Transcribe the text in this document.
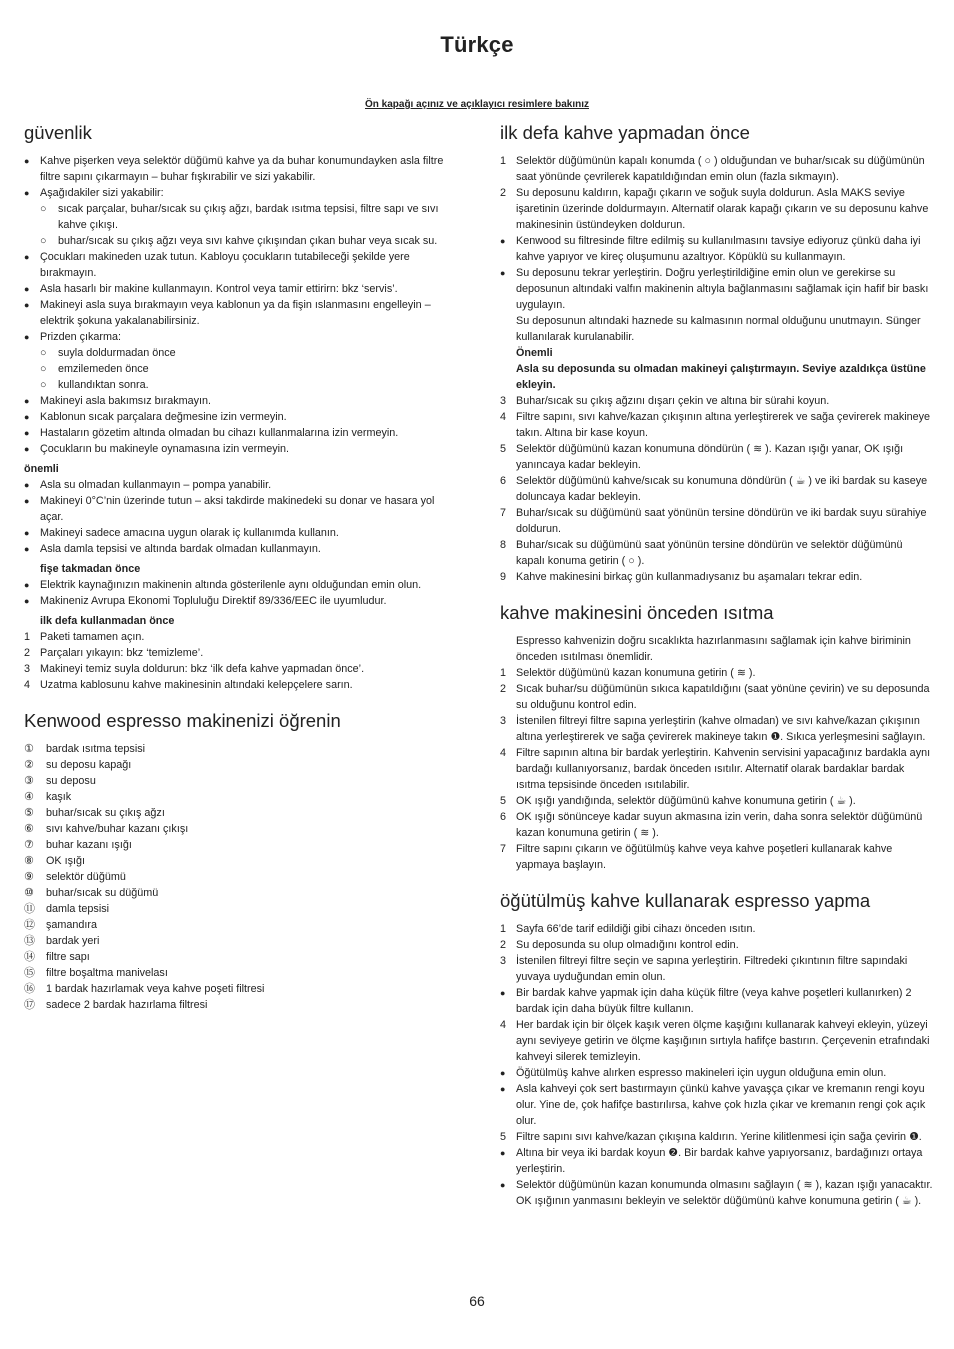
Türkçe

Ön kapağı açınız ve açıklayıcı resimlere bakınız

güvenlik
● Kahve pişerken veya selektör düğümü kahve ya da buhar konumundayken asla filtre filtre sapını çıkarmayın – buhar fışkırabilir ve sizi yakabilir.
● Aşağıdakiler sizi yakabilir:
○	sıcak parçalar, buhar/sıcak su çıkış ağzı, bardak ısıtma tepsisi, filtre sapı ve sıvı kahve çıkışı.
○	buhar/sıcak su çıkış ağzı veya sıvı kahve çıkışından çıkan buhar veya sıcak su.
● Çocukları makineden uzak tutun. Kabloyu çocukların tutabileceği şekilde yere bırakmayın.
● Asla hasarlı bir makine kullanmayın. Kontrol veya tamir ettirirn: bkz ‘servis’.
● Makineyi asla suya bırakmayın veya kablonun ya da fişin ıslanmasını engelleyin – elektrik şokuna yakalanabilirsiniz.
● Prizden çıkarma:
○	suyla doldurmadan önce
○	emzilemeden önce
○	kullandıktan sonra.
● Makineyi asla bakımsız bırakmayın.
● Kablonun sıcak parçalara değmesine izin vermeyin.
● Hastaların gözetim altında olmadan bu cihazı kullanmalarına izin vermeyin.
● Çocukların bu makineyle oynamasına izin vermeyin.
önemli
● Asla su olmadan kullanmayın – pompa yanabilir.
● Makineyi 0°C’nin üzerinde tutun – aksi takdirde makinedeki su donar ve hasara yol açar.
● Makineyi sadece amacına uygun olarak iç kullanımda kullanın.
● Asla damla tepsisi ve altında bardak olmadan kullanmayın.
fişe takmadan önce
● Elektrik kaynağınızın makinenin altında gösterilenle aynı olduğundan emin olun.
● Makineniz Avrupa Ekonomi Topluluğu Direktif 89/336/EEC ile uyumludur.
ilk defa kullanmadan önce
1 Paketi tamamen açın.
2 Parçaları yıkayın: bkz ‘temizleme’.
3 Makineyi temiz suyla doldurun: bkz ‘ilk defa kahve yapmadan önce’.
4 Uzatma kablosunu kahve makinesinin altındaki kelepçelere sarın.
Kenwood espresso makinenizi öğrenin
①	bardak ısıtma tepsisi
②	su deposu kapağı
③	su deposu
④	kaşık
⑤	buhar/sıcak su çıkış ağzı
⑥	sıvı kahve/buhar kazanı çıkışı
⑦	buhar kazanı ışığı
⑧	OK ışığı
⑨	selektör düğümü
⑩	buhar/sıcak su düğümü
⑪	damla tepsisi
⑫	şamandıra
⑬	bardak yeri
⑭	filtre sapı
⑮	filtre boşaltma manivelası
⑯	1 bardak hazırlamak veya kahve poşeti filtresi
⑰	sadece 2 bardak hazırlama filtresi
ilk defa kahve yapmadan önce
1 Selektör düğümünün kapalı konumda ( ○ ) olduğundan ve buhar/sıcak su düğümünün saat yönünde çevrilerek kapatıldığından emin olun (fazla sıkmayın).
2 Su deposunu kaldırın, kapağı çıkarın ve soğuk suyla doldurun. Asla MAKS seviye işaretinin üzerinde doldurmayın. Alternatif olarak kapağı çıkarın ve su deposunu kahve makinesinin üstündeyken doldurun.
● Kenwood su filtresinde filtre edilmiş su kullanılmasını tavsiye ediyoruz çünkü daha iyi kahve yapıyor ve kireç oluşumunu azaltıyor. Köpüklü su kullanmayın.
● Su deposunu tekrar yerleştirin. Doğru yerleştirildiğine emin olun ve gerekirse su deposunun altındaki valfın makinenin altıyla bağlanmasını sağlamak için hafif bir baskı uygulayın.
Su deposunun altındaki haznede su kalmasının normal olduğunu unutmayın. Sünger kullanılarak kurulanabilir.
Önemli
Asla su deposunda su olmadan makineyi çalıştırmayın. Seviye azaldıkça üstüne ekleyin.
3 Buhar/sıcak su çıkış ağzını dışarı çekin ve altına bir sürahi koyun.
4 Filtre sapını, sıvı kahve/kazan çıkışının altına yerleştirerek ve sağa çevirerek makineye takın. Altına bir kase koyun.
5 Selektör düğümünü kazan konumuna döndürün ( ≋ ). Kazan ışığı yanar, OK ışığı yanıncaya kadar bekleyin.
6 Selektör düğümünü kahve/sıcak su konumuna döndürün ( ☕ ) ve iki bardak su kaseye doluncaya kadar bekleyin.
7 Buhar/sıcak su düğümünü saat yönünün tersine döndürün ve iki bardak suyu sürahiye doldurun.
8 Buhar/sıcak su düğümünü saat yönünün tersine döndürün ve selektör düğümünü kapalı konuma getirin ( ○ ).
9 Kahve makinesini birkaç gün kullanmadıysanız bu aşamaları tekrar edin.
kahve makinesini önceden ısıtma
Espresso kahvenizin doğru sıcaklıkta hazırlanmasını sağlamak için kahve biriminin önceden ısıtılması önemlidir.
1 Selektör düğümünü kazan konumuna getirin ( ≋ ).
2 Sıcak buhar/su düğümünün sıkıca kapatıldığını (saat yönüne çevirin) ve su deposunda su olduğunu kontrol edin.
3 İstenilen filtreyi filtre sapına yerleştirin (kahve olmadan) ve sıvı kahve/kazan çıkışının altına yerleştirerek ve sağa çevirerek makineye takın ❶. Sıkıca yerleşmesini sağlayın.
4 Filtre sapının altına bir bardak yerleştirin. Kahvenin servisini yapacağınız bardakla aynı bardağı kullanıyorsanız, bardak önceden ısıtılır. Alternatif olarak bardaklar bardak ısıtma tepsisinde önceden ısıtılabilir.
5 OK ışığı yandığında, selektör düğümünü kahve konumuna getirin ( ☕ ).
6 OK ışığı sönünceye kadar suyun akmasına izin verin, daha sonra selektör düğümünü kazan konumuna getirin ( ≋ ).
7 Filtre sapını çıkarın ve öğütülmüş kahve veya kahve poşetleri kullanarak kahve yapmaya başlayın.
öğütülmüş kahve kullanarak espresso yapma
1 Sayfa 66’de tarif edildiği gibi cihazı önceden ısıtın.
2 Su deposunda su olup olmadığını kontrol edin.
3 İstenilen filtreyi filtre seçin ve sapına yerleştirin. Filtredeki çıkıntının filtre sapındaki yuvaya uyduğundan emin olun.
● Bir bardak kahve yapmak için daha küçük filtre (veya kahve poşetleri kullanırken) 2 bardak için daha büyük filtre kullanın.
4 Her bardak için bir ölçek kaşık veren ölçme kaşığını kullanarak kahveyi ekleyin, yüzeyi aynı seviyeye getirin ve ölçme kaşığının sırtıyla hafifçe bastırın. Çerçevenin etrafındaki kahveyi silerek temizleyin.
● Öğütülmüş kahve alırken espresso makineleri için uygun olduğuna emin olun.
● Asla kahveyi çok sert bastırmayın çünkü kahve yavaşça çıkar ve kremanın rengi koyu olur. Yine de, çok hafifçe bastırılırsa, kahve çok hızla çıkar ve kremanın rengi çok açık olur.
5 Filtre sapını sıvı kahve/kazan çıkışına kaldırın. Yerine kilitlenmesi için sağa çevirin ❶.
● Altına bir veya iki bardak koyun ❷. Bir bardak kahve yapıyorsanız, bardağınızı ortaya yerleştirin.
● Selektör düğümünün kazan konumunda olmasını sağlayın ( ≋ ), kazan ışığı yanacaktır. OK ışığının yanmasını bekleyin ve selektör düğümünü kahve konumuna getirin ( ☕ ).

66
